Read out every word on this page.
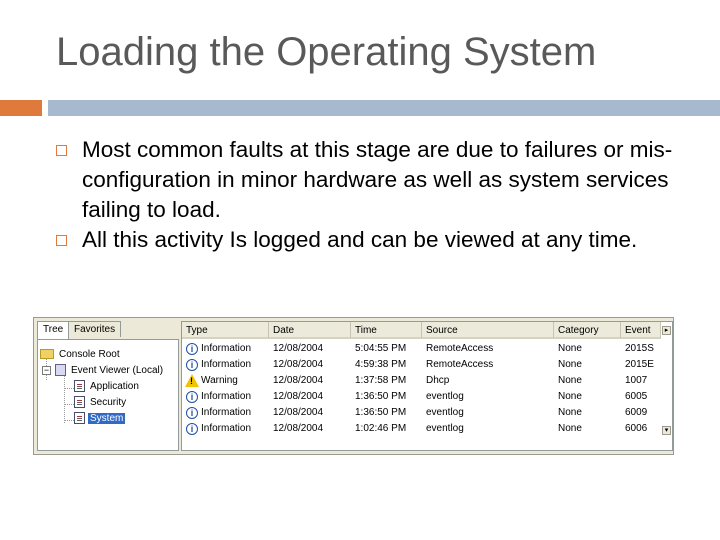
Loading the Operating System
Most common faults at this stage are due to failures or mis-configuration in minor hardware as well as system services failing to load.
All this activity Is logged and can be viewed at any time.
Tree	Favorites
Console Root
−	Event Viewer (Local)
Application
Security
System
Type	Date	Time	Source	Category	Event	▸
i Information 12/08/2004	5:04:55 PM RemoteAccess	None	2015S
i Information 12/08/2004	4:59:38 PM RemoteAccess	None	2015E
!
Warning	12/08/2004	1:37:58 PM Dhcp	None	1007
i Information 12/08/2004	1:36:50 PM eventlog	None	6005
i Information 12/08/2004	1:36:50 PM eventlog	None	6009
i Information 12/08/2004	1:02:46 PM eventlog	None	6006	▾
